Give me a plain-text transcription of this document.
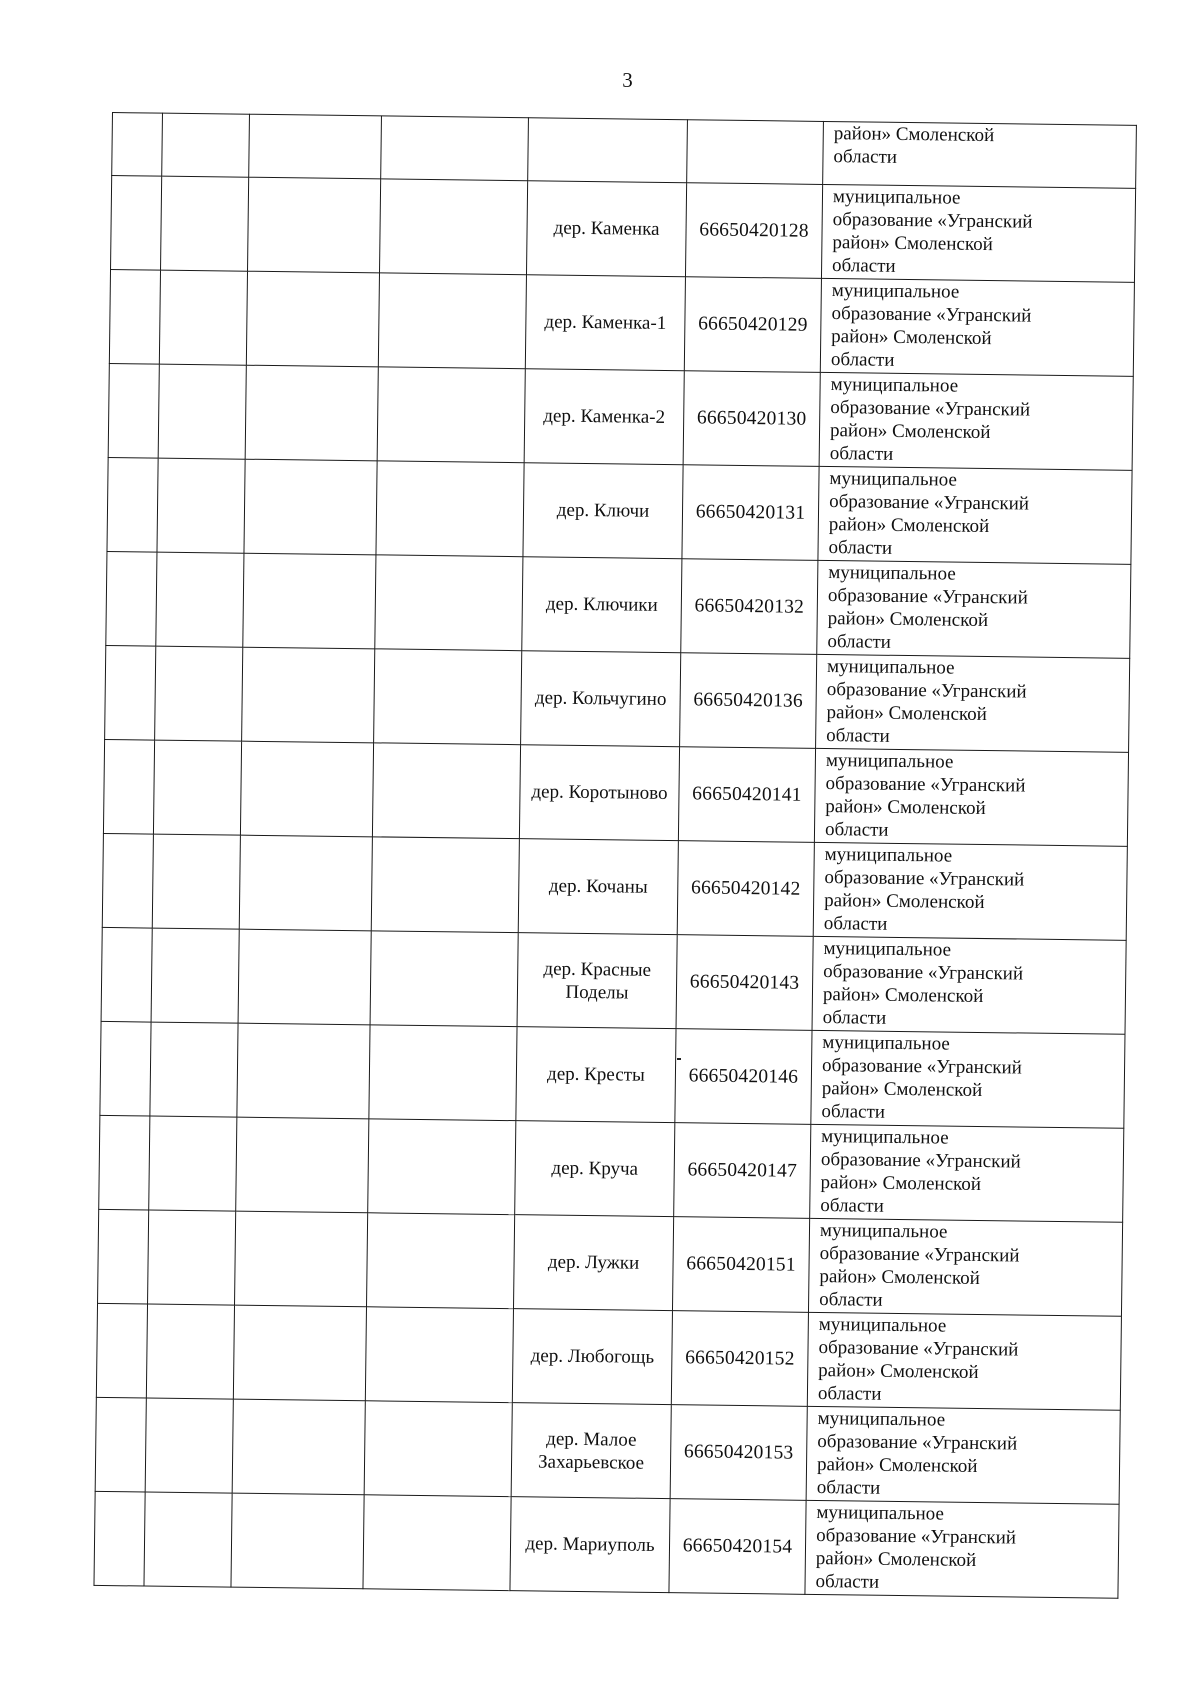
3

						район» Смоленской
области

				дер. Каменка	66650420128	муниципальное
образование «Угранский
район» Смоленской
области

				дер. Каменка-1	66650420129	муниципальное
образование «Угранский
район» Смоленской
области

				дер. Каменка-2	66650420130	муниципальное
образование «Угранский
район» Смоленской
области

				дер. Ключи	66650420131	муниципальное
образование «Угранский
район» Смоленской
области

				дер. Ключики	66650420132	муниципальное
образование «Угранский
район» Смоленской
области

				дер. Кольчугино	66650420136	муниципальное
образование «Угранский
район» Смоленской
области

				дер. Коротыново	66650420141	муниципальное
образование «Угранский
район» Смоленской
области

				дер. Кочаны	66650420142	муниципальное
образование «Угранский
район» Смоленской
области

				дер. Красные
Поделы	66650420143	муниципальное
образование «Угранский
район» Смоленской
области

				дер. Кресты	66650420146	муниципальное
образование «Угранский
район» Смоленской
области

				дер. Круча	66650420147	муниципальное
образование «Угранский
район» Смоленской
области

				дер. Лужки	66650420151	муниципальное
образование «Угранский
район» Смоленской
области

				дер. Любогощь	66650420152	муниципальное
образование «Угранский
район» Смоленской
области

				дер. Малое
Захарьевское	66650420153	муниципальное
образование «Угранский
район» Смоленской
области

				дер. Мариуполь	66650420154	муниципальное
образование «Угранский
район» Смоленской
области
